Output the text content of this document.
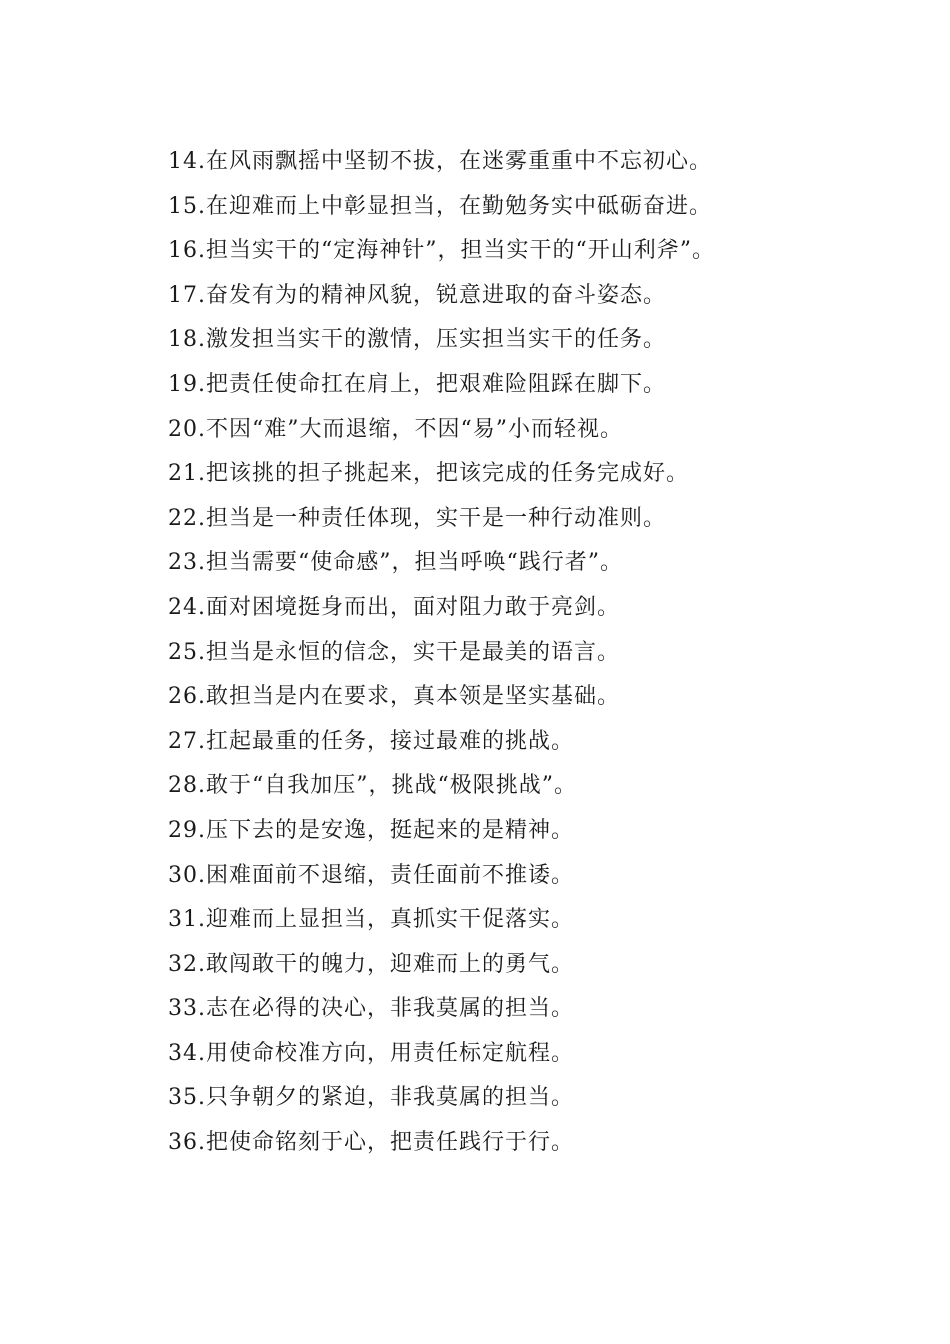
14.在风雨飘摇中坚韧不拔，在迷雾重重中不忘初心。
15.在迎难而上中彰显担当，在勤勉务实中砥砺奋进。
16.担当实干的“定海神针”，担当实干的“开山利斧”。
17.奋发有为的精神风貌，锐意进取的奋斗姿态。
18.激发担当实干的激情，压实担当实干的任务。
19.把责任使命扛在肩上，把艰难险阻踩在脚下。
20.不因“难”大而退缩，不因“易”小而轻视。
21.把该挑的担子挑起来，把该完成的任务完成好。
22.担当是一种责任体现，实干是一种行动准则。
23.担当需要“使命感”，担当呼唤“践行者”。
24.面对困境挺身而出，面对阻力敢于亮剑。
25.担当是永恒的信念，实干是最美的语言。
26.敢担当是内在要求，真本领是坚实基础。
27.扛起最重的任务，接过最难的挑战。
28.敢于“自我加压”，挑战“极限挑战”。
29.压下去的是安逸，挺起来的是精神。
30.困难面前不退缩，责任面前不推诿。
31.迎难而上显担当，真抓实干促落实。
32.敢闯敢干的魄力，迎难而上的勇气。
33.志在必得的决心，非我莫属的担当。
34.用使命校准方向，用责任标定航程。
35.只争朝夕的紧迫，非我莫属的担当。
36.把使命铭刻于心，把责任践行于行。
